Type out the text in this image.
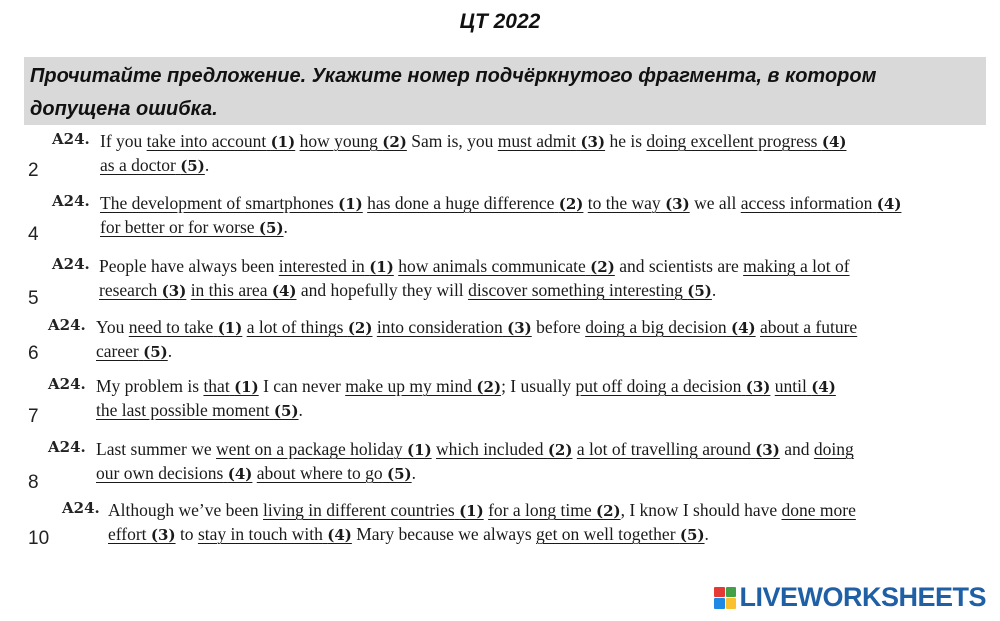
ЦТ 2022
Прочитайте предложение. Укажите номер подчёркнутого фрагмента, в котором допущена ошибка.
2
A24. If you take into account (1) how young (2) Sam is, you must admit (3) he is doing excellent progress (4)
as a doctor (5).
4
A24. The development of smartphones (1) has done a huge difference (2) to the way (3) we all access information (4)
for better or for worse (5).
5
A24. People have always been interested in (1) how animals communicate (2) and scientists are making a lot of
research (3) in this area (4) and hopefully they will discover something interesting (5).
6
A24. You need to take (1) a lot of things (2) into consideration (3) before doing a big decision (4) about a future
career (5).
7
A24. My problem is that (1) I can never make up my mind (2); I usually put off doing a decision (3) until (4)
the last possible moment (5).
8
A24. Last summer we went on a package holiday (1) which included (2) a lot of travelling around (3) and doing
our own decisions (4) about where to go (5).
10
A24. Although we’ve been living in different countries (1) for a long time (2), I know I should have done more
effort (3) to stay in touch with (4) Mary because we always get on well together (5).
LIVEWORKSHEETS
